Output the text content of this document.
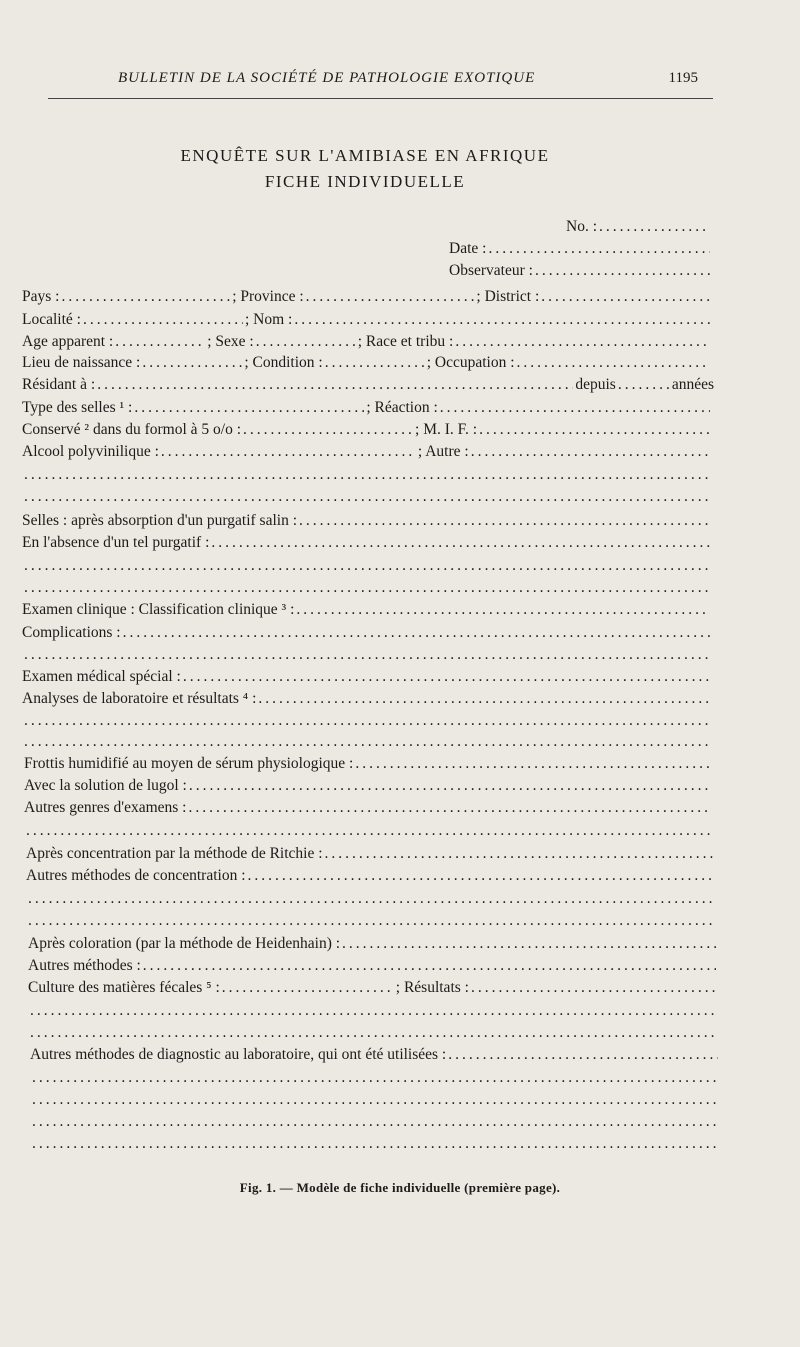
BULLETIN DE LA SOCIÉTÉ DE PATHOLOGIE EXOTIQUE	1195
ENQUÊTE SUR L'AMIBIASE EN AFRIQUE
FICHE INDIVIDUELLE
No. :
.....
Date :
.....
Observateur :
.....
Pays : .....	; Province : .....	; District :
.....
Localité : .....	; Nom :
.....
Age apparent : .....	; Sexe : .....	; Race et tribu :
.....
Lieu de naissance : .....	; Condition : .....	; Occupation :
.....
Résidant à : .....	depuis .....	années
Type des selles ¹ : .....	; Réaction :
.....
Conservé ² dans du formol à 5 o/o : .....	; M. I. F. :
.....
Alcool polyvinilique : .....	; Autre :
.....
.....
.....
Selles : après absorption d'un purgatif salin :
.....
En l'absence d'un tel purgatif :
.....
.....
.....
Examen clinique : Classification clinique ³ :
.....
Complications :
.....
.....
Examen médical spécial :
.....
Analyses de laboratoire et résultats ⁴ :
.....
.....
.....
Frottis humidifié au moyen de sérum physiologique :
.....
Avec la solution de lugol :
.....
Autres genres d'examens :
.....
.....
Après concentration par la méthode de Ritchie :
.....
Autres méthodes de concentration :
.....
.....
.....
Après coloration (par la méthode de Heidenhain) :
.....
Autres méthodes :
.....
Culture des matières fécales ⁵ : .....	; Résultats :
.....
.....
.....
Autres méthodes de diagnostic au laboratoire, qui ont été utilisées :
.....
.....
.....
.....
.....
Fig. 1. — Modèle de fiche individuelle (première page).
